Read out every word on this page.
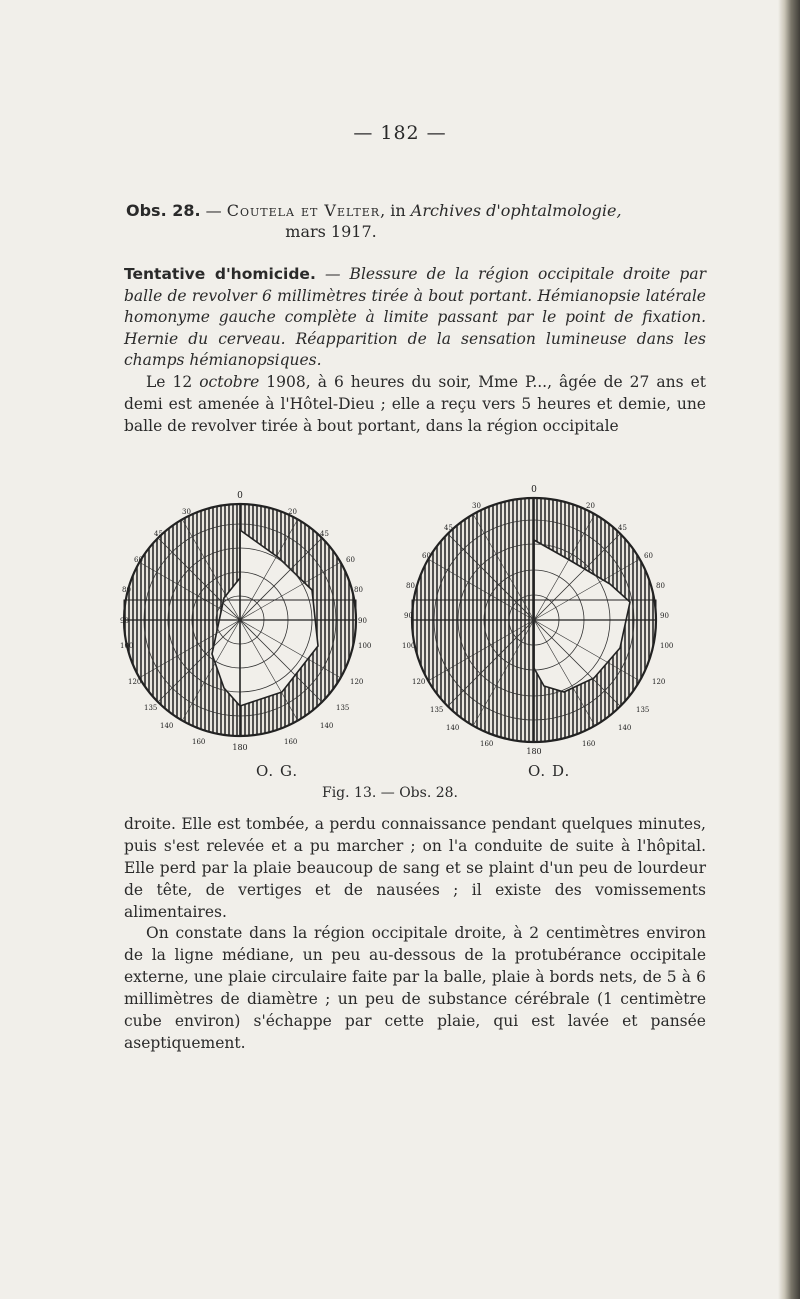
— 182 —
Obs. 28. — Coutela et Velter, in Archives d'ophtalmologie,
mars 1917.
Tentative d'homicide. — Blessure de la région occipitale droite par balle de revolver 6 millimètres tirée à bout portant. Hémianopsie latérale homonyme gauche complète à limite passant par le point de fixation. Hernie du cerveau. Réapparition de la sensation lumineuse dans les champs hémianopsiques.
Le 12 octobre 1908, à 6 heures du soir, Mme P..., âgée de 27 ans et demi est amenée à l'Hôtel-Dieu ; elle a reçu vers 5 heures et demie, une balle de revolver tirée à bout portant, dans la région occipitale
0
180
30
45
60
80
90
100
120
135
140
160
20
45
60
80
90
100
120
135
140
160
0
180
30
45
60
80
90
100
120
135
140
160
20
45
60
80
90
100
120
135
140
160
O. G.	O. D.
Fig. 13. — Obs. 28.
droite. Elle est tombée, a perdu connaissance pendant quelques minutes, puis s'est relevée et a pu marcher ; on l'a conduite de suite à l'hôpital. Elle perd par la plaie beaucoup de sang et se plaint d'un peu de lourdeur de tête, de vertiges et de nausées ; il existe des vomissements alimentaires.
On constate dans la région occipitale droite, à 2 centimètres environ de la ligne médiane, un peu au-dessous de la protubérance occipitale externe, une plaie circulaire faite par la balle, plaie à bords nets, de 5 à 6 millimètres de diamètre ; un peu de substance cérébrale (1 centimètre cube environ) s'échappe par cette plaie, qui est lavée et pansée aseptiquement.
